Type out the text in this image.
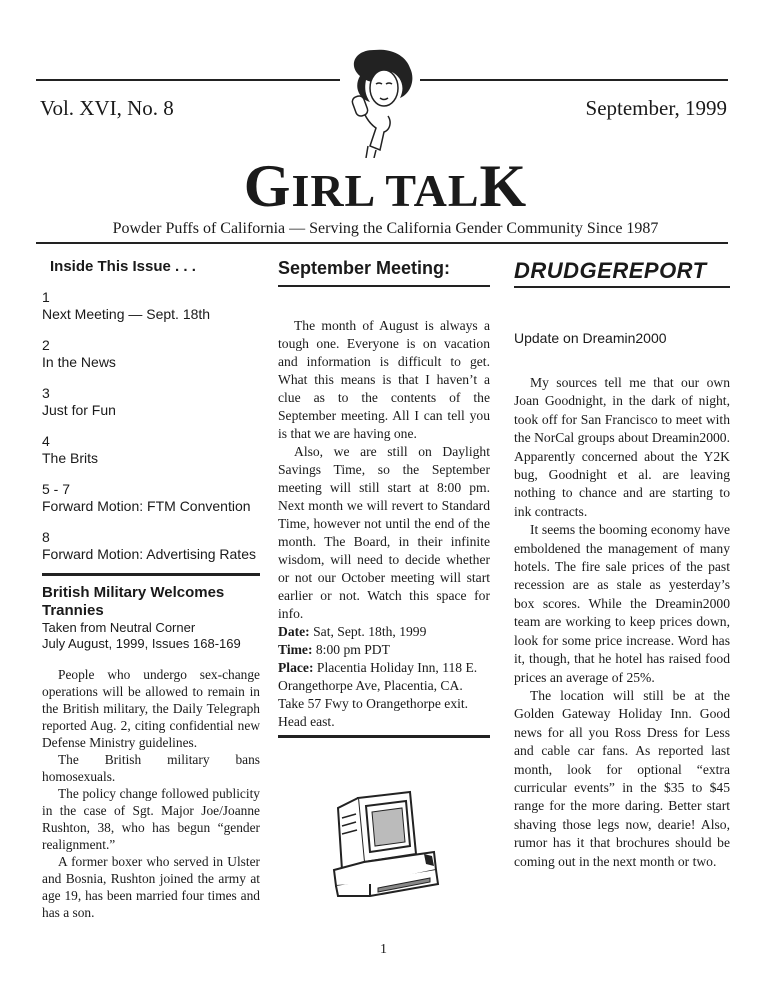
Vol. XVI, No. 8	September, 1999
GIRL TALK
Powder Puffs of California — Serving the California Gender Community Since 1987
Inside This Issue . . .
1
Next Meeting — Sept. 18th
2
In the News
3
Just for Fun
4
The Brits
5 - 7
Forward Motion: FTM Convention
8
Forward Motion: Advertising Rates
British Military Welcomes Trannies
Taken from Neutral Corner
July August, 1999, Issues 168-169

People who undergo sex-change operations will be allowed to remain in the British military, the Daily Telegraph reported Aug. 2, citing confidential new Defense Ministry guidelines.

The British military bans homosexuals.

The policy change followed publicity in the case of Sgt. Major Joe/Joanne Rushton, 38, who has begun “gender realignment.”

A former boxer who served in Ulster and Bosnia, Rushton joined the army at age 19, has been married four times and has a son.

September Meeting:

The month of August is always a tough one. Everyone is on vacation and information is difficult to get. What this means is that I haven’t a clue as to the contents of the September meeting. All I can tell you is that we are having one.

Also, we are still on Daylight Savings Time, so the September meeting will still start at 8:00 pm. Next month we will revert to Standard Time, however not until the end of the month. The Board, in their infinite wisdom, will need to decide whether or not our October meeting will start earlier or not. Watch this space for info.

Date: Sat, Sept. 18th, 1999

Time: 8:00 pm PDT

Place: Placentia Holiday Inn, 118 E. Orangethorpe Ave, Placentia, CA. Take 57 Fwy to Orangethorpe exit. Head east.

DRUDGEREPORT
Update on Dreamin2000

My sources tell me that our own Joan Goodnight, in the dark of night, took off for San Francisco to meet with the NorCal groups about Dreamin2000. Apparently concerned about the Y2K bug, Goodnight et al. are leaving nothing to chance and are starting to ink contracts.

It seems the booming economy have emboldened the management of many hotels. The fire sale prices of the past recession are as stale as yesterday’s box scores. While the Dreamin2000 team are working to keep prices down, look for some price increase. Word has it, though, that he hotel has raised food prices an average of 25%.

The location will still be at the Golden Gateway Holiday Inn. Good news for all you Ross Dress for Less and cable car fans. As reported last month, look for optional “extra curricular events” in the $35 to $45 range for the more daring. Better start shaving those legs now, dearie! Also, rumor has it that brochures should be coming out in the next month or two.

1
